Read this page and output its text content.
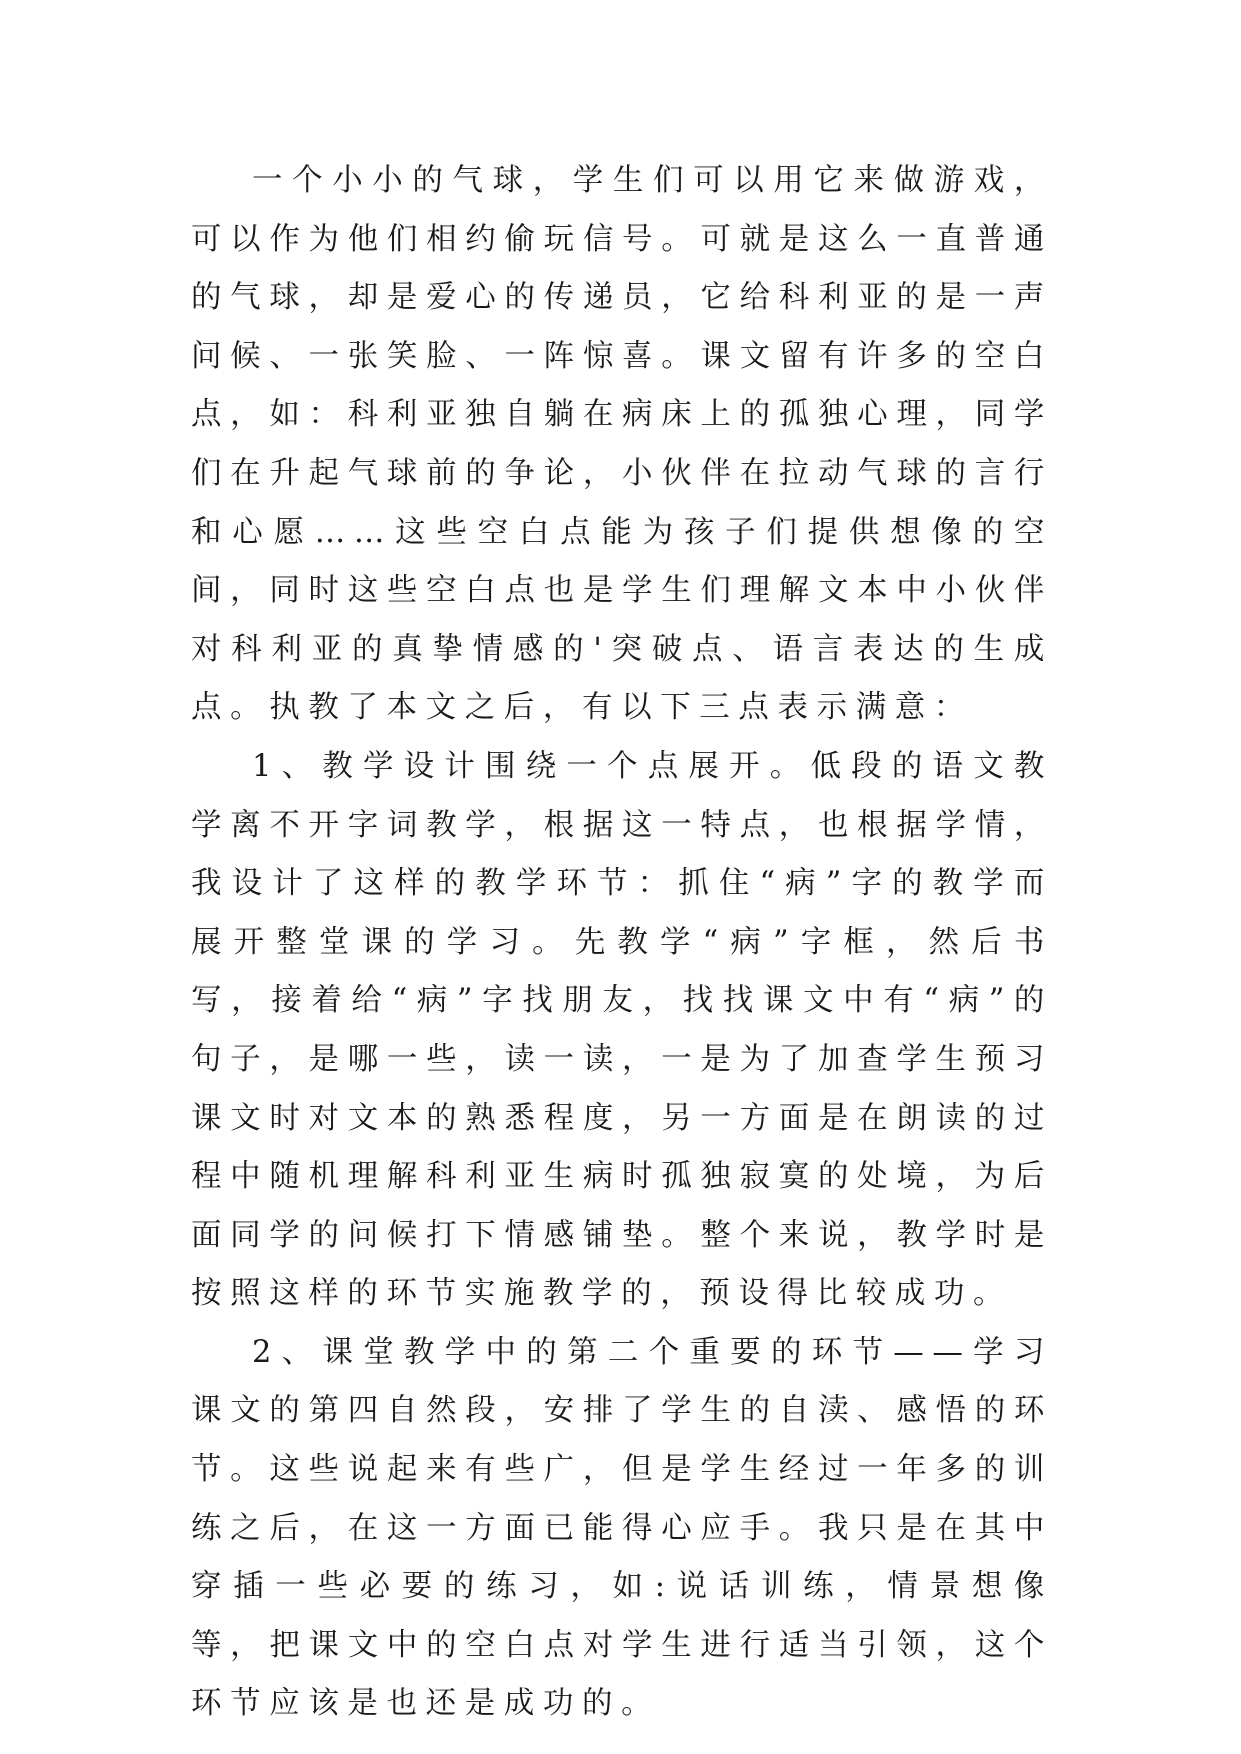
一个小小的气球，学生们可以用它来做游戏，可以作为他们相约偷玩信号。可就是这么一直普通的气球，却是爱心的传递员，它给科利亚的是一声问候、一张笑脸、一阵惊喜。课文留有许多的空白点，如：科利亚独自躺在病床上的孤独心理，同学们在升起气球前的争论，小伙伴在拉动气球的言行和心愿……这些空白点能为孩子们提供想像的空间，同时这些空白点也是学生们理解文本中小伙伴对科利亚的真挚情感的'突破点、语言表达的生成点。执教了本文之后，有以下三点表示满意：

1、教学设计围绕一个点展开。低段的语文教学离不开字词教学，根据这一特点，也根据学情，我设计了这样的教学环节：抓住“病”字的教学而展开整堂课的学习。先教学“病”字框，然后书写，接着给“病”字找朋友，找找课文中有“病”的句子，是哪一些，读一读，一是为了加查学生预习课文时对文本的熟悉程度，另一方面是在朗读的过程中随机理解科利亚生病时孤独寂寞的处境，为后面同学的问候打下情感铺垫。整个来说，教学时是按照这样的环节实施教学的，预设得比较成功。

2、课堂教学中的第二个重要的环节——学习课文的第四自然段，安排了学生的自渎、感悟的环节。这些说起来有些广，但是学生经过一年多的训练之后，在这一方面已能得心应手。我只是在其中穿插一些必要的练习，如:说话训练，情景想像等，把课文中的空白点对学生进行适当引领，这个环节应该是也还是成功的。
